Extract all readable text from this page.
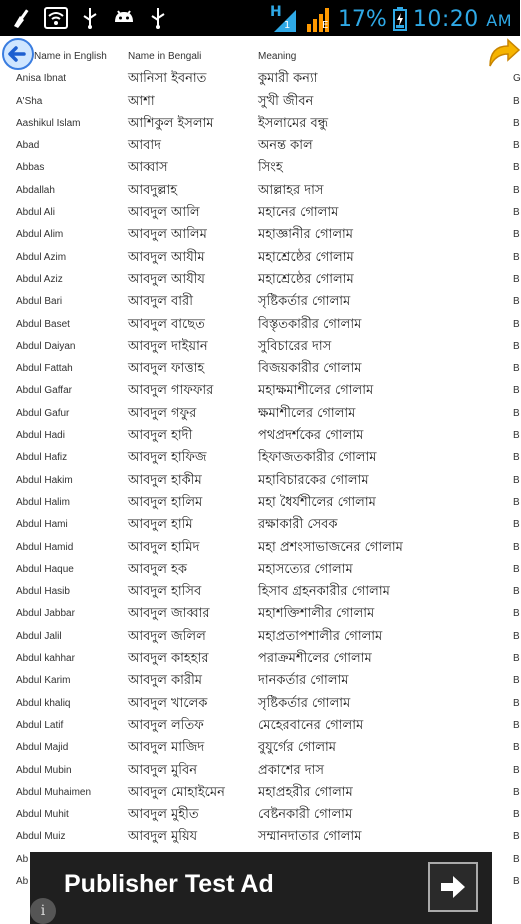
H
1	E 17% 10:20 AM
Name in English Name in Bengali	Meaning
Anisa Ibnat	আনিসা ইবনাত	কুমারী কন্যা	G
A'Sha	আশা	সুখী জীবন	B
Aashikul Islam	আশিকুল ইসলাম	ইসলামের বন্ধু	B
Abad	আবাদ	অনন্ত কাল	B
Abbas	আব্বাস	সিংহ	B
Abdallah	আবদুল্লাহ	আল্লাহর দাস	B
Abdul Ali	আবদুল আলি	মহানের গোলাম	B
Abdul Alim	আবদুল আলিম	মহাজ্ঞানীর গোলাম	B
Abdul Azim	আবদুল আযীম	মহাশ্রেষ্ঠের গোলাম	B
Abdul Aziz	আবদুল আযীয	মহাশ্রেষ্ঠের গোলাম	B
Abdul Bari	আবদুল বারী	সৃষ্টিকর্তার গোলাম	B
Abdul Baset	আবদুল বাছেত	বিস্তৃতকারীর গোলাম	B
Abdul Daiyan	আবদুল দাইয়ান	সুবিচারের দাস	B
Abdul Fattah	আবদুল ফাত্তাহ	বিজয়কারীর গোলাম	B
Abdul Gaffar	আবদুল গাফফার	মহাক্ষমাশীলের গোলাম	B
Abdul Gafur	আবদুল গফুর	ক্ষমাশীলের গোলাম	B
Abdul Hadi	আবদুল হাদী	পথপ্রদর্শকের গোলাম	B
Abdul Hafiz	আবদুল হাফিজ	হিফাজতকারীর গোলাম	B
Abdul Hakim	আবদুল হাকীম	মহাবিচারকের গোলাম	B
Abdul Halim	আবদুল হালিম	মহা ধৈর্যশীলের গোলাম	B
Abdul Hami	আবদুল হামি	রক্ষাকারী সেবক	B
Abdul Hamid	আবদুল হামিদ	মহা প্রশংসাভাজনের গোলাম	B
Abdul Haque	আবদুল হক	মহাসত্যের গোলাম	B
Abdul Hasib	আবদুল হাসিব	হিসাব গ্রহনকারীর গোলাম	B
Abdul Jabbar	আবদুল জাব্বার	মহাশক্তিশালীর গোলাম	B
Abdul Jalil	আবদুল জলিল	মহাপ্রতাপশালীর গোলাম	B
Abdul kahhar	আবদুল কাহহার	পরাক্রমশীলের গোলাম	B
Abdul Karim	আবদুল কারীম	দানকর্তার গোলাম	B
Abdul khaliq	আবদুল খালেক	সৃষ্টিকর্তার গোলাম	B
Abdul Latif	আবদুল লতিফ	মেহেরবানের গোলাম	B
Abdul Majid	আবদুল মাজিদ	বুযুর্গের গোলাম	B
Abdul Mubin	আবদুল মুবিন	প্রকাশের দাস	B
Abdul Muhaimen	আবদুল মোহাইমেন	মহাপ্রহরীর গোলাম	B
Abdul Muhit	আবদুল মুহীত	বেষ্টনকারী গোলাম	B
Abdul Muiz	আবদুল মুয়িয	সম্মানদাতার গোলাম	B
Ab	B
Ab	B
Publisher Test Ad
i
